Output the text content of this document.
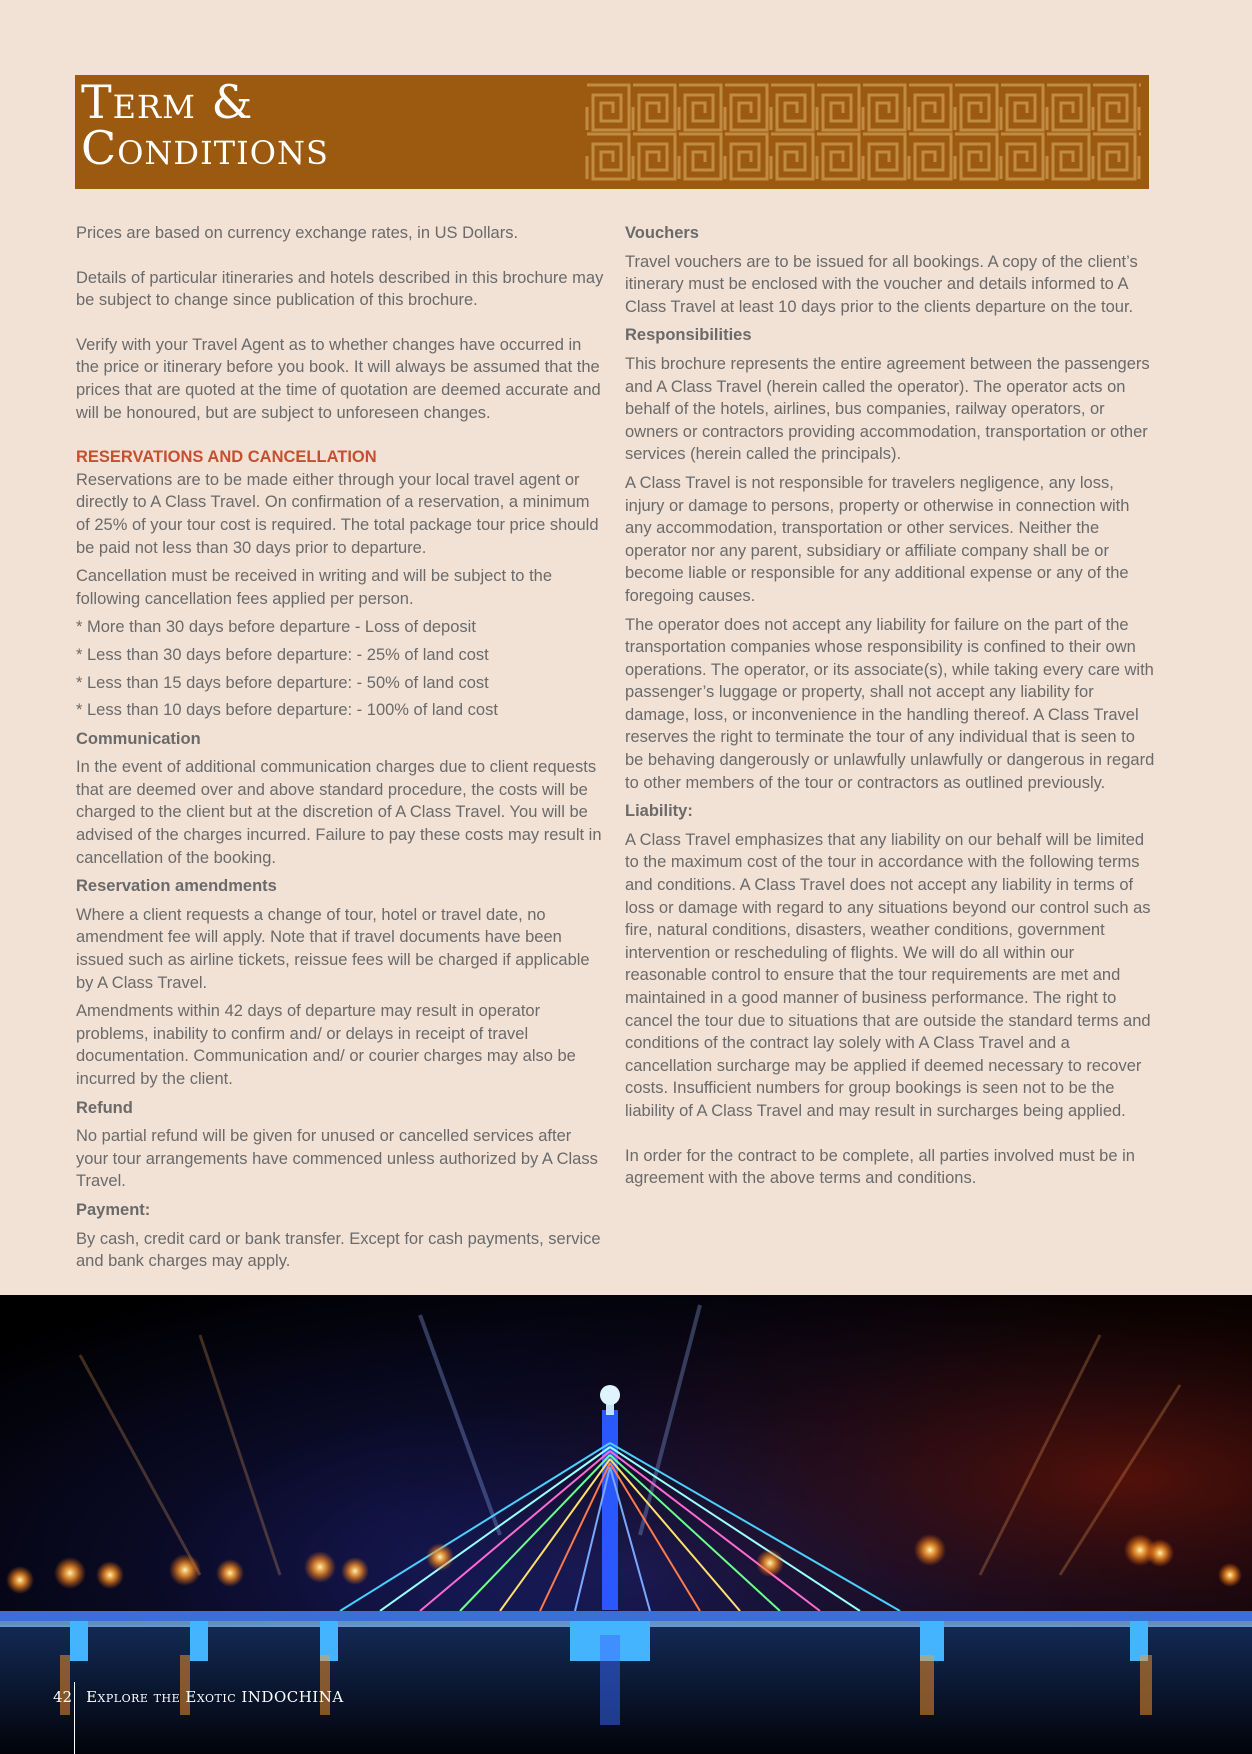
Term &
Conditions

Prices are based on currency exchange rates, in US Dollars.

Details of particular itineraries and hotels described in this brochure may be subject to change since publication of this brochure.

Verify with your Travel Agent as to whether changes have occurred in the price or itinerary before you book. It will always be assumed that the prices that are quoted at the time of quotation are deemed accurate and will be honoured, but are subject to unforeseen changes.

RESERVATIONS AND CANCELLATION

Reservations are to be made either through your local travel agent or directly to A Class Travel. On confirmation of a reservation, a minimum of 25% of your tour cost is required. The total package tour price should be paid not less than 30 days prior to departure.

Cancellation must be received in writing and will be subject to the following cancellation fees applied per person.

* More than 30 days before departure - Loss of deposit

* Less than 30 days before departure: - 25% of land cost

* Less than 15 days before departure: - 50% of land cost

* Less than 10 days before departure: - 100% of land cost

Communication

In the event of additional communication charges due to client requests that are deemed over and above standard procedure, the costs will be charged to the client but at the discretion of A Class Travel. You will be advised of the charges incurred. Failure to pay these costs may result in cancellation of the booking.

Reservation amendments

Where a client requests a change of tour, hotel or travel date, no amendment fee will apply. Note that if travel documents have been issued such as airline tickets, reissue fees will be charged if applicable by A Class Travel.

Amendments within 42 days of departure may result in operator problems, inability to confirm and/ or delays in receipt of travel documentation. Communication and/ or courier charges may also be incurred by the client.

Refund

No partial refund will be given for unused or cancelled services after your tour arrangements have commenced unless authorized by A Class Travel.

Payment:

By cash, credit card or bank transfer. Except for cash payments, service and bank charges may apply.

Vouchers

Travel vouchers are to be issued for all bookings. A copy of the client’s itinerary must be enclosed with the voucher and details informed to A Class Travel at least 10 days prior to the clients departure on the tour.

Responsibilities

This brochure represents the entire agreement between the passengers and A Class Travel (herein called the operator). The operator acts on behalf of the hotels, airlines, bus companies, railway operators, or owners or contractors providing accommodation, transportation or other services (herein called the principals).

A Class Travel is not responsible for travelers negligence, any loss, injury or damage to persons, property or otherwise in connection with any accommodation, transportation or other services. Neither the operator nor any parent, subsidiary or affiliate company shall be or become liable or responsible for any additional expense or any of the foregoing causes.

The operator does not accept any liability for failure on the part of the transportation companies whose responsibility is confined to their own operations. The operator, or its associate(s), while taking every care with passenger’s luggage or property, shall not accept any liability for damage, loss, or inconvenience in the handling thereof. A Class Travel reserves the right to terminate the tour of any individual that is seen to be behaving dangerously or unlawfully unlawfully or dangerous in regard to other members of the tour or contractors as outlined previously.

Liability:

A Class Travel emphasizes that any liability on our behalf will be limited to the maximum cost of the tour in accordance with the following terms and conditions. A Class Travel does not accept any liability in terms of loss or damage with regard to any situations beyond our control such as fire, natural conditions, disasters, weather conditions, government intervention or rescheduling of flights. We will do all within our reasonable control to ensure that the tour requirements are met and maintained in a good manner of business performance. The right to cancel the tour due to situations that are outside the standard terms and conditions of the contract lay solely with A Class Travel and a cancellation surcharge may be applied if deemed necessary to recover costs. Insufficient numbers for group bookings is seen not to be the liability of A Class Travel and may result in surcharges being applied.

In order for the contract to be complete, all parties involved must be in agreement with the above terms and conditions.

42 Explore the Exotic INDOCHINA
